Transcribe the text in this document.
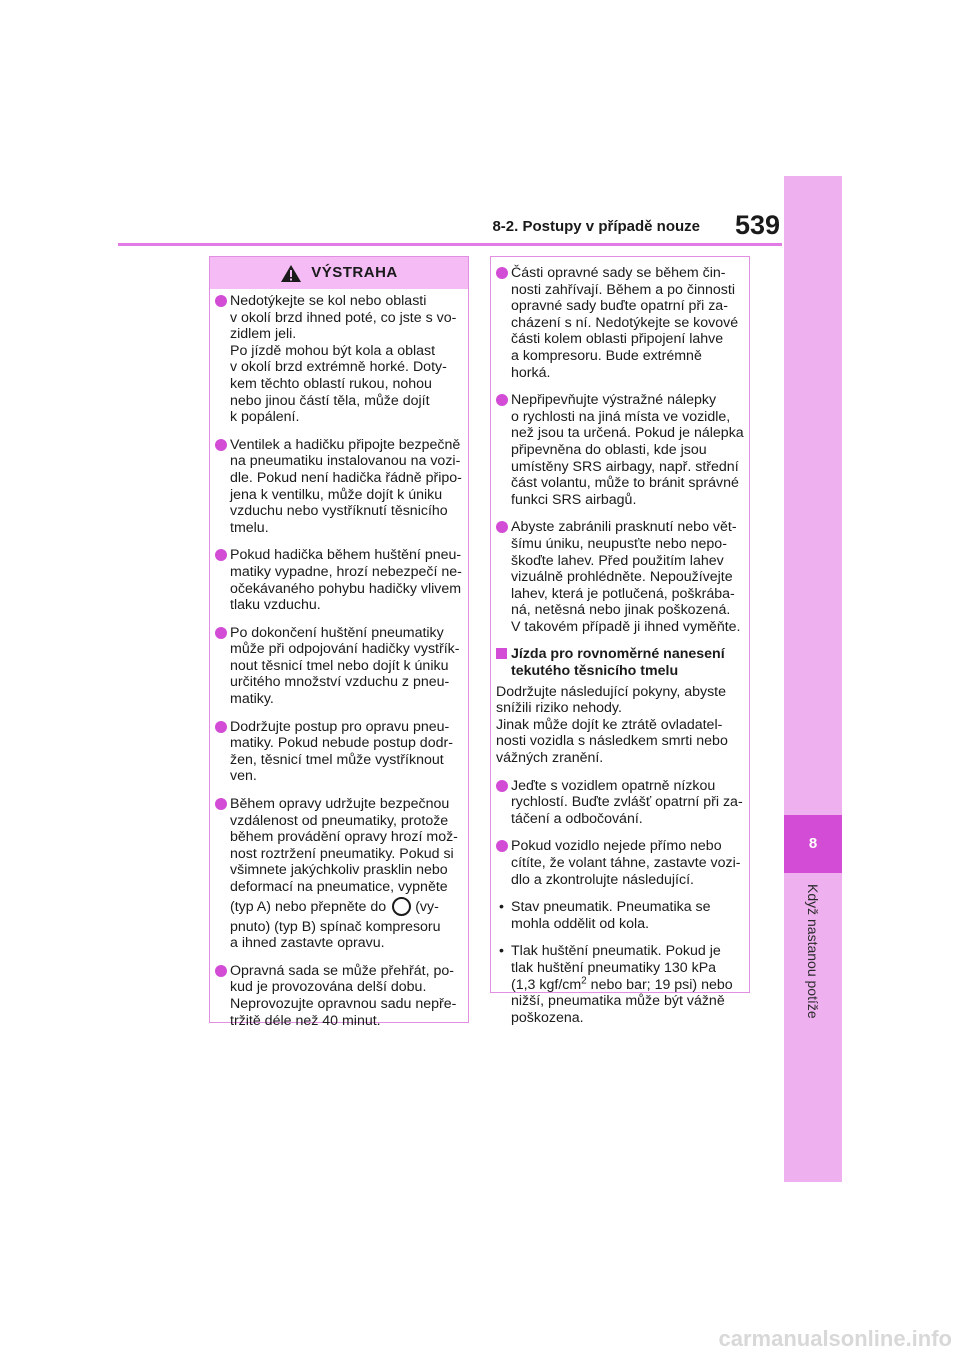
8-2. Postupy v případě nouze	539
8
Když nastanou potíže
VÝSTRAHA
Nedotýkejte se kol nebo oblasti
v okolí brzd ihned poté, co jste s vo-
zidlem jeli.
Po jízdě mohou být kola a oblast
v okolí brzd extrémně horké. Doty-
kem těchto oblastí rukou, nohou
nebo jinou částí těla, může dojít
k popálení.
Ventilek a hadičku připojte bezpečně
na pneumatiku instalovanou na vozi-
dle. Pokud není hadička řádně připo-
jena k ventilku, může dojít k úniku
vzduchu nebo vystříknutí těsnicího
tmelu.
Pokud hadička během huštění pneu-
matiky vypadne, hrozí nebezpečí ne-
očekávaného pohybu hadičky vlivem
tlaku vzduchu.
Po dokončení huštění pneumatiky
může při odpojování hadičky vystřík-
nout těsnicí tmel nebo dojít k úniku
určitého množství vzduchu z pneu-
matiky.
Dodržujte postup pro opravu pneu-
matiky. Pokud nebude postup dodr-
žen, těsnicí tmel může vystříknout
ven.
Během opravy udržujte bezpečnou
vzdálenost od pneumatiky, protože
během provádění opravy hrozí mož-
nost roztržení pneumatiky. Pokud si
všimnete jakýchkoliv prasklin nebo
deformací na pneumatice, vypněte
(typ A) nebo přepněte do (vy-
pnuto) (typ B) spínač kompresoru
a ihned zastavte opravu.
Opravná sada se může přehřát, po-
kud je provozována delší dobu.
Neprovozujte opravnou sadu nepře-
tržitě déle než 40 minut.
Části opravné sady se během čin-
nosti zahřívají. Během a po činnosti
opravné sady buďte opatrní při za-
cházení s ní. Nedotýkejte se kovové
části kolem oblasti připojení lahve
a kompresoru. Bude extrémně horká.
Nepřipevňujte výstražné nálepky
o rychlosti na jiná místa ve vozidle,
než jsou ta určená. Pokud je nálepka
připevněna do oblasti, kde jsou
umístěny SRS airbagy, např. střední
část volantu, může to bránit správné
funkci SRS airbagů.
Abyste zabránili prasknutí nebo vět-
šímu úniku, neupusťte nebo nepo-
škoďte lahev. Před použitím lahev
vizuálně prohlédněte. Nepoužívejte
lahev, která je potlučená, poškrába-
ná, netěsná nebo jinak poškozená.
V takovém případě ji ihned vyměňte.
Jízda pro rovnoměrné nanesení
tekutého těsnicího tmelu
Dodržujte následující pokyny, abyste
snížili riziko nehody.
Jinak může dojít ke ztrátě ovladatel-
nosti vozidla s následkem smrti nebo
vážných zranění.
Jeďte s vozidlem opatrně nízkou
rychlostí. Buďte zvlášť opatrní při za-
táčení a odbočování.
Pokud vozidlo nejede přímo nebo
cítíte, že volant táhne, zastavte vozi-
dlo a zkontrolujte následující.
• Stav pneumatik. Pneumatika se
mohla oddělit od kola.
• Tlak huštění pneumatik. Pokud je
tlak huštění pneumatiky 130 kPa
(1,3 kgf/$cm^2$ nebo bar; 19 psi) nebo
nižší, pneumatika může být vážně
poškozena.
carmanualsonline.info
